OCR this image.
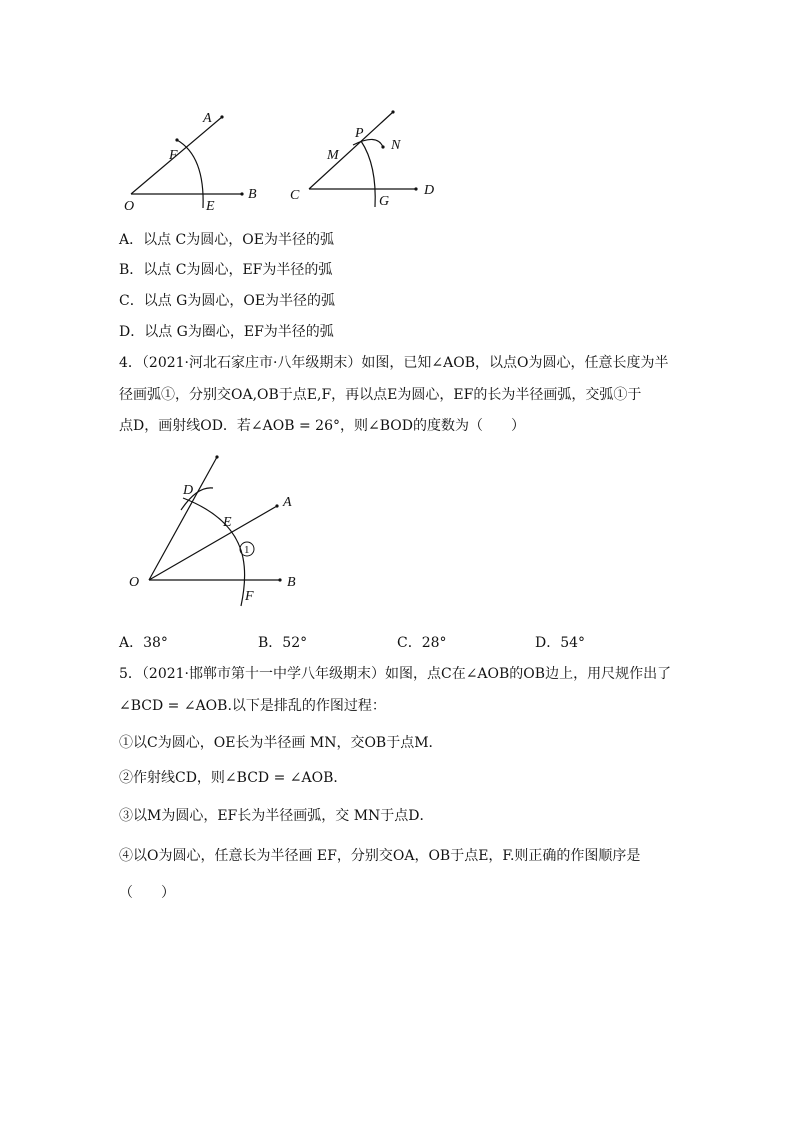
A
F
O	E
B
P
N
M
C	G
D
A．以点 C为圆心，OE为半径的弧
B．以点 C为圆心，EF为半径的弧
C．以点 G为圆心，OE为半径的弧
D．以点 G为圈心，EF为半径的弧
4．（2021·河北石家庄市·八年级期末）如图，已知∠AOB，以点O为圆心，任意长度为半
径画弧①，分别交OA,OB于点E,F，再以点E为圆心，EF的长为半径画弧，交弧①于
点D，画射线OD．若∠AOB = 26°，则∠BOD的度数为（　　）
D
E
A
1
O	B
F
A．38°	B．52°	C．28°	D．54°
5．（2021·邯郸市第十一中学八年级期末）如图，点C在∠AOB的OB边上，用尺规作出了
∠BCD = ∠AOB.以下是排乱的作图过程：
①以C为圆心，OE长为半径画 MN，交OB于点M．
②作射线CD，则∠BCD = ∠AOB．
③以M为圆心，EF长为半径画弧，交 MN于点D．
④以O为圆心，任意长为半径画 EF，分别交OA，OB于点E，F.则正确的作图顺序是
（　　）
